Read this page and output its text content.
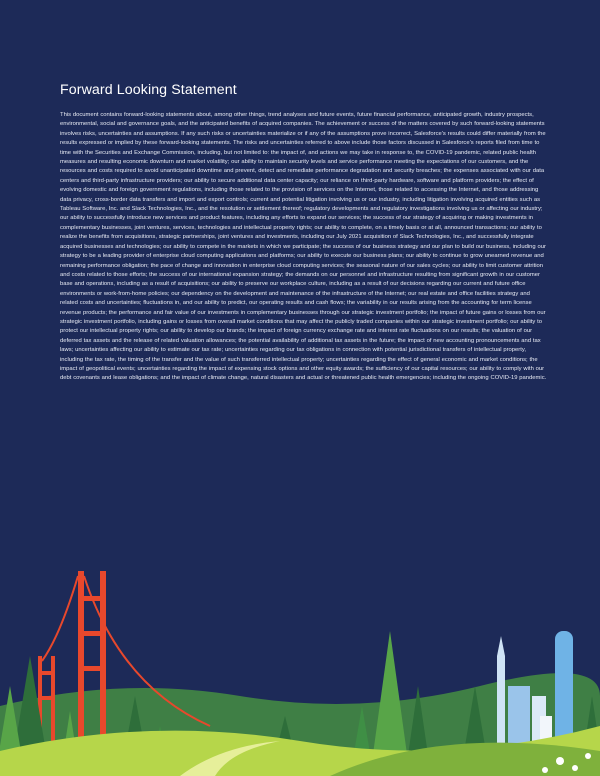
Forward Looking Statement

This document contains forward-looking statements about, among other things, trend analyses and future events, future financial performance, anticipated growth, industry prospects, environmental, social and governance goals, and the anticipated benefits of acquired companies. The achievement or success of the matters covered by such forward-looking statements involves risks, uncertainties and assumptions. If any such risks or uncertainties materialize or if any of the assumptions prove incorrect, Salesforce’s results could differ materially from the results expressed or implied by these forward-looking statements. The risks and uncertainties referred to above include those factors discussed in Salesforce’s reports filed from time to time with the Securities and Exchange Commission, including, but not limited to: the impact of, and actions we may take in response to, the COVID-19 pandemic, related public health measures and resulting economic downturn and market volatility; our ability to maintain security levels and service performance meeting the expectations of our customers, and the resources and costs required to avoid unanticipated downtime and prevent, detect and remediate performance degradation and security breaches; the expenses associated with our data centers and third-party infrastructure providers; our ability to secure additional data center capacity; our reliance on third-party hardware, software and platform providers; the effect of evolving domestic and foreign government regulations, including those related to the provision of services on the Internet, those related to accessing the Internet, and those addressing data privacy, cross-border data transfers and import and export controls; current and potential litigation involving us or our industry, including litigation involving acquired entities such as Tableau Software, Inc. and Slack Technologies, Inc., and the resolution or settlement thereof; regulatory developments and regulatory investigations involving us or affecting our industry; our ability to successfully introduce new services and product features, including any efforts to expand our services; the success of our strategy of acquiring or making investments in complementary businesses, joint ventures, services, technologies and intellectual property rights; our ability to complete, on a timely basis or at all, announced transactions; our ability to realize the benefits from acquisitions, strategic partnerships, joint ventures and investments, including our July 2021 acquisition of Slack Technologies, Inc., and successfully integrate acquired businesses and technologies; our ability to compete in the markets in which we participate; the success of our business strategy and our plan to build our business, including our strategy to be a leading provider of enterprise cloud computing applications and platforms; our ability to execute our business plans; our ability to continue to grow unearned revenue and remaining performance obligation; the pace of change and innovation in enterprise cloud computing services; the seasonal nature of our sales cycles; our ability to limit customer attrition and costs related to those efforts; the success of our international expansion strategy; the demands on our personnel and infrastructure resulting from significant growth in our customer base and operations, including as a result of acquisitions; our ability to preserve our workplace culture, including as a result of our decisions regarding our current and future office environments or work-from-home policies; our dependency on the development and maintenance of the infrastructure of the Internet; our real estate and office facilities strategy and related costs and uncertainties; fluctuations in, and our ability to predict, our operating results and cash flows; the variability in our results arising from the accounting for term license revenue products; the performance and fair value of our investments in complementary businesses through our strategic investment portfolio; the impact of future gains or losses from our strategic investment portfolio, including gains or losses from overall market conditions that may affect the publicly traded companies within our strategic investment portfolio; our ability to protect our intellectual property rights; our ability to develop our brands; the impact of foreign currency exchange rate and interest rate fluctuations on our results; the valuation of our deferred tax assets and the release of related valuation allowances; the potential availability of additional tax assets in the future; the impact of new accounting pronouncements and tax laws; uncertainties affecting our ability to estimate our tax rate; uncertainties regarding our tax obligations in connection with potential jurisdictional transfers of intellectual property, including the tax rate, the timing of the transfer and the value of such transferred intellectual property; uncertainties regarding the effect of general economic and market conditions; the impact of geopolitical events; uncertainties regarding the impact of expensing stock options and other equity awards; the sufficiency of our capital resources; our ability to comply with our debt covenants and lease obligations; and the impact of climate change, natural disasters and actual or threatened public health emergencies; including the ongoing COVID-19 pandemic.
